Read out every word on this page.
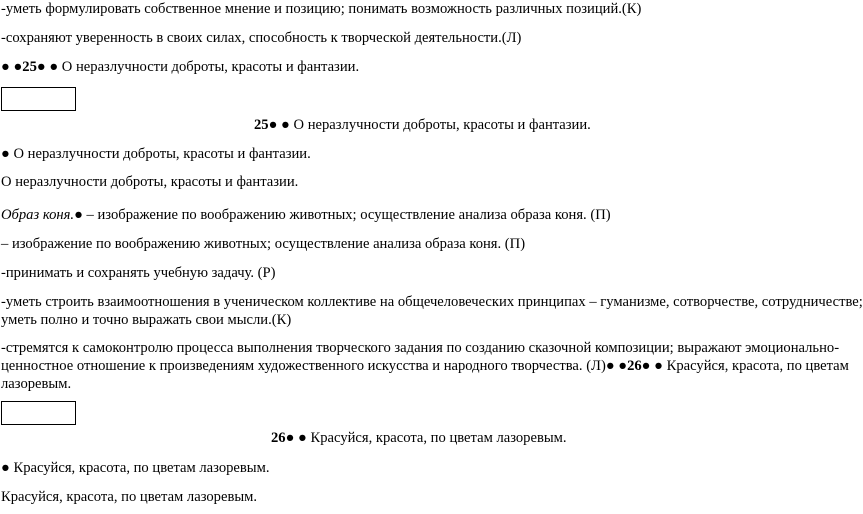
-уметь формулировать собственное мнение и позицию; понимать возможность различных позиций.(К)
-сохраняют уверенность в своих силах, способность к творческой деятельности.(Л)
● ●25● ● О неразлучности доброты, красоты и фантазии.
25● ● О неразлучности доброты, красоты и фантазии.
● О неразлучности доброты, красоты и фантазии.
О неразлучности доброты, красоты и фантазии.
Образ коня.● – изображение по воображению животных; осуществление анализа образа коня. (П)
– изображение по воображению животных; осуществление анализа образа коня. (П)
-принимать и сохранять учебную задачу. (Р)
-уметь строить взаимоотношения в ученическом коллективе на общечеловеческих принципах – гуманизме, сотворчестве, сотрудничестве;
уметь полно и точно выражать свои мысли.(К)
-стремятся к самоконтролю процесса выполнения творческого задания по созданию сказочной композиции; выражают эмоционально-
ценностное отношение к произведениям художественного искусства и народного творчества. (Л)● ●26● ● Красуйся, красота, по цветам
лазоревым.
26● ● Красуйся, красота, по цветам лазоревым.
● Красуйся, красота, по цветам лазоревым.
Красуйся, красота, по цветам лазоревым.
